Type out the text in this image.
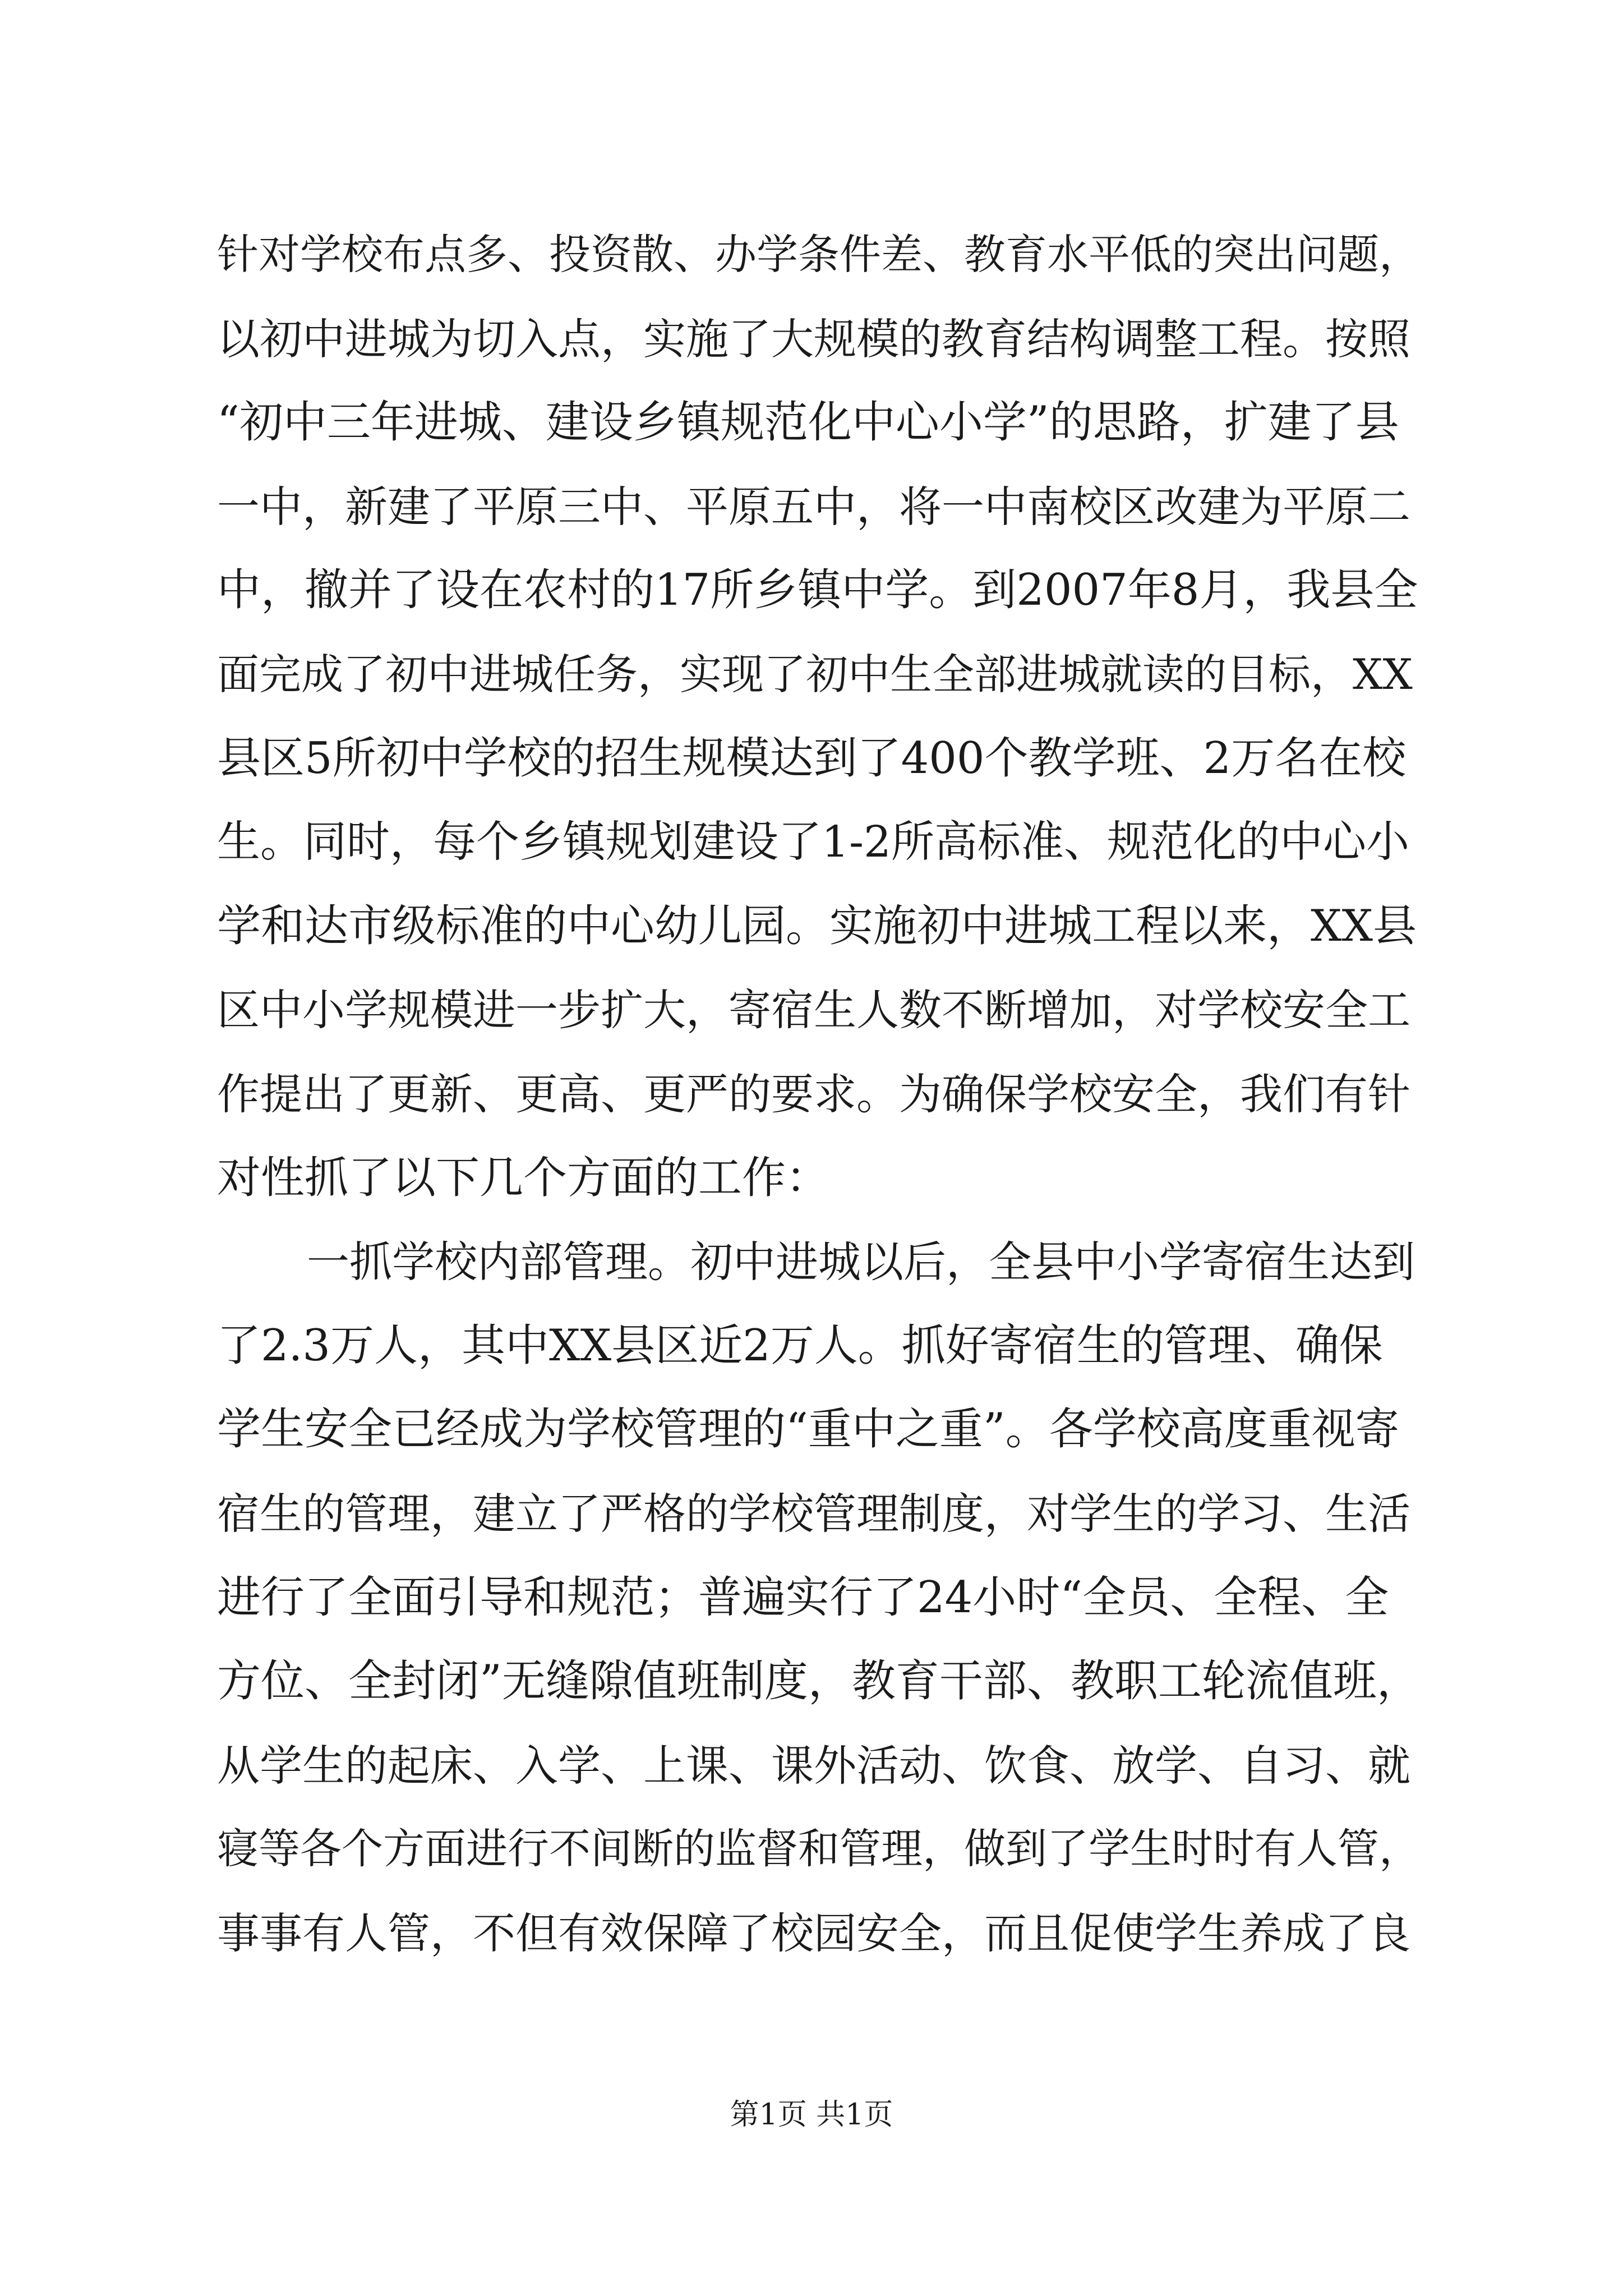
针对学校布点多、投资散、办学条件差、教育水平低的突出问题，
以初中进城为切入点，实施了大规模的教育结构调整工程。按照
“初中三年进城、建设乡镇规范化中心小学”的思路，扩建了县
一中，新建了平原三中、平原五中，将一中南校区改建为平原二
中，撤并了设在农村的17所乡镇中学。到2007年8月，我县全
面完成了初中进城任务，实现了初中生全部进城就读的目标，XX
县区5所初中学校的招生规模达到了400个教学班、2万名在校
生。同时，每个乡镇规划建设了1-2所高标准、规范化的中心小
学和达市级标准的中心幼儿园。实施初中进城工程以来，XX县
区中小学规模进一步扩大，寄宿生人数不断增加，对学校安全工
作提出了更新、更高、更严的要求。为确保学校安全，我们有针
对性抓了以下几个方面的工作：
一抓学校内部管理。初中进城以后，全县中小学寄宿生达到
了2.3万人，其中XX县区近2万人。抓好寄宿生的管理、确保
学生安全已经成为学校管理的“重中之重”。各学校高度重视寄
宿生的管理，建立了严格的学校管理制度，对学生的学习、生活
进行了全面引导和规范；普遍实行了24小时“全员、全程、全
方位、全封闭”无缝隙值班制度，教育干部、教职工轮流值班，
从学生的起床、入学、上课、课外活动、饮食、放学、自习、就
寝等各个方面进行不间断的监督和管理，做到了学生时时有人管，
事事有人管，不但有效保障了校园安全，而且促使学生养成了良
第1页 共1页
